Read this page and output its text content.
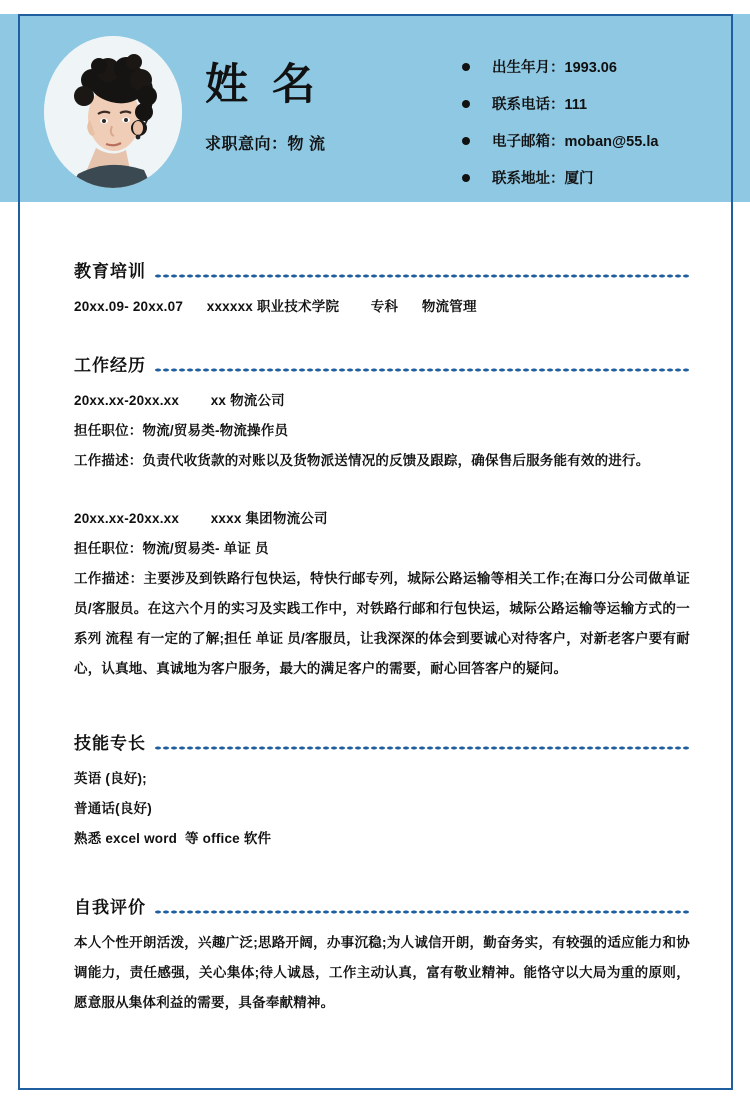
姓 名
求职意向：物 流
出生年月：1993.06
联系电话：111
电子邮箱：moban@55.la
联系地址：厦门
教育培训
20xx.09- 20xx.07      xxxxxx 职业技术学院        专科      物流管理
工作经历
20xx.xx-20xx.xx        xx 物流公司
担任职位：物流/贸易类-物流操作员
工作描述：负责代收货款的对账以及货物派送情况的反馈及跟踪，确保售后服务能有效的进行。
20xx.xx-20xx.xx        xxxx 集团物流公司
担任职位：物流/贸易类- 单证 员
工作描述：主要涉及到铁路行包快运，特快行邮专列，城际公路运输等相关工作;在海口分公司做单证员/客服员。在这六个月的实习及实践工作中，对铁路行邮和行包快运，城际公路运输等运输方式的一系列 流程 有一定的了解;担任 单证 员/客服员，让我深深的体会到要诚心对待客户，对新老客户要有耐心，认真地、真诚地为客户服务，最大的满足客户的需要，耐心回答客户的疑问。
技能专长
英语 (良好);
普通话(良好)
熟悉 excel word  等 office 软件
自我评价
本人个性开朗活泼，兴趣广泛;思路开阔，办事沉稳;为人诚信开朗，勤奋务实，有较强的适应能力和协调能力，责任感强，关心集体;待人诚恳，工作主动认真，富有敬业精神。能恪守以大局为重的原则，愿意服从集体利益的需要，具备奉献精神。
